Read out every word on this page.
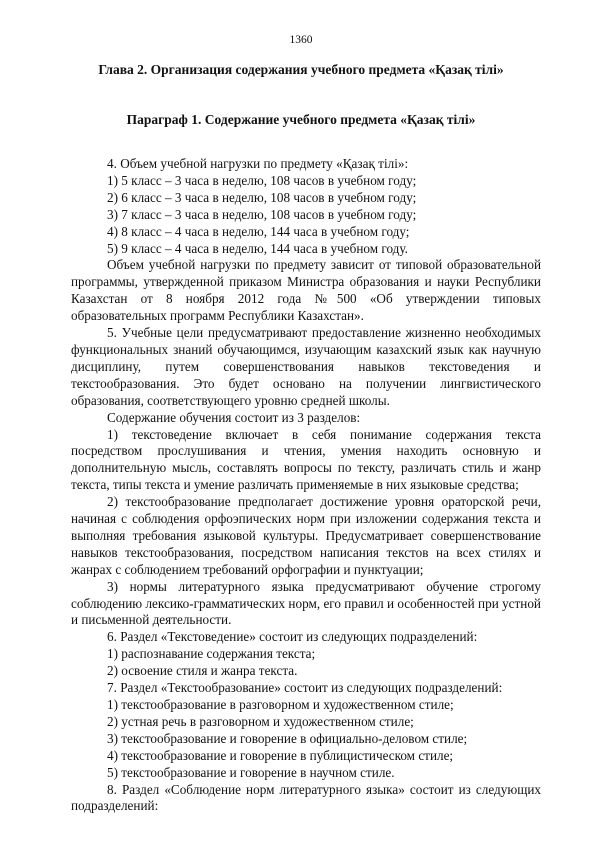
1360
Глава 2. Организация содержания учебного предмета «Қазақ тілі»
Параграф 1. Содержание учебного предмета «Қазақ тілі»

4. Объем учебной нагрузки по предмету «Қазақ тілі»:

1) 5 класс – 3 часа в неделю, 108 часов в учебном году;

2) 6 класс – 3 часа в неделю, 108 часов в учебном году;

3) 7 класс – 3 часа в неделю, 108 часов в учебном году;

4) 8 класс – 4 часа в неделю, 144 часа в учебном году;

5) 9 класс – 4 часа в неделю, 144 часа в учебном году.

Объем учебной нагрузки по предмету зависит от типовой образовательной программы, утвержденной приказом Министра образования и науки Республики Казахстан от 8 ноября 2012 года №500 «Об утверждении типовых образовательных программ Республики Казахстан».

5. Учебные цели предусматривают предоставление жизненно необходимых функциональных знаний обучающимся, изучающим казахский язык как научную дисциплину, путем совершенствования навыков текстоведения и текстообразования. Это будет основано на получении лингвистического образования, соответствующего уровню средней школы.

Содержание обучения состоит из 3 разделов:

1) текстоведение включает в себя понимание содержания текста посредством прослушивания и чтения, умения находить основную и дополнительную мысль, составлять вопросы по тексту, различать стиль и жанр текста, типы текста и умение различать применяемые в них языковые средства;

2) текстообразование предполагает достижение уровня ораторской речи, начиная с соблюдения орфоэпических норм при изложении содержания текста и выполняя требования языковой культуры. Предусматривает совершенствование навыков текстообразования, посредством написания текстов на всех стилях и жанрах с соблюдением требований орфографии и пунктуации;

3) нормы литературного языка предусматривают обучение строгому соблюдению лексико-грамматических норм, его правил и особенностей при устной и письменной деятельности.

6. Раздел «Текстоведение» состоит из следующих подразделений:

1) распознавание содержания текста;

2) освоение стиля и жанра текста.

7. Раздел «Текстообразование» состоит из следующих подразделений:

1) текстообразование в разговорном и художественном стиле;

2) устная речь в разговорном и художественном стиле;

3) текстообразование и говорение в официально-деловом стиле;

4) текстообразование и говорение в публицистическом стиле;

5) текстообразование и говорение в научном стиле.

8. Раздел «Соблюдение норм литературного языка» состоит из следующих подразделений:
